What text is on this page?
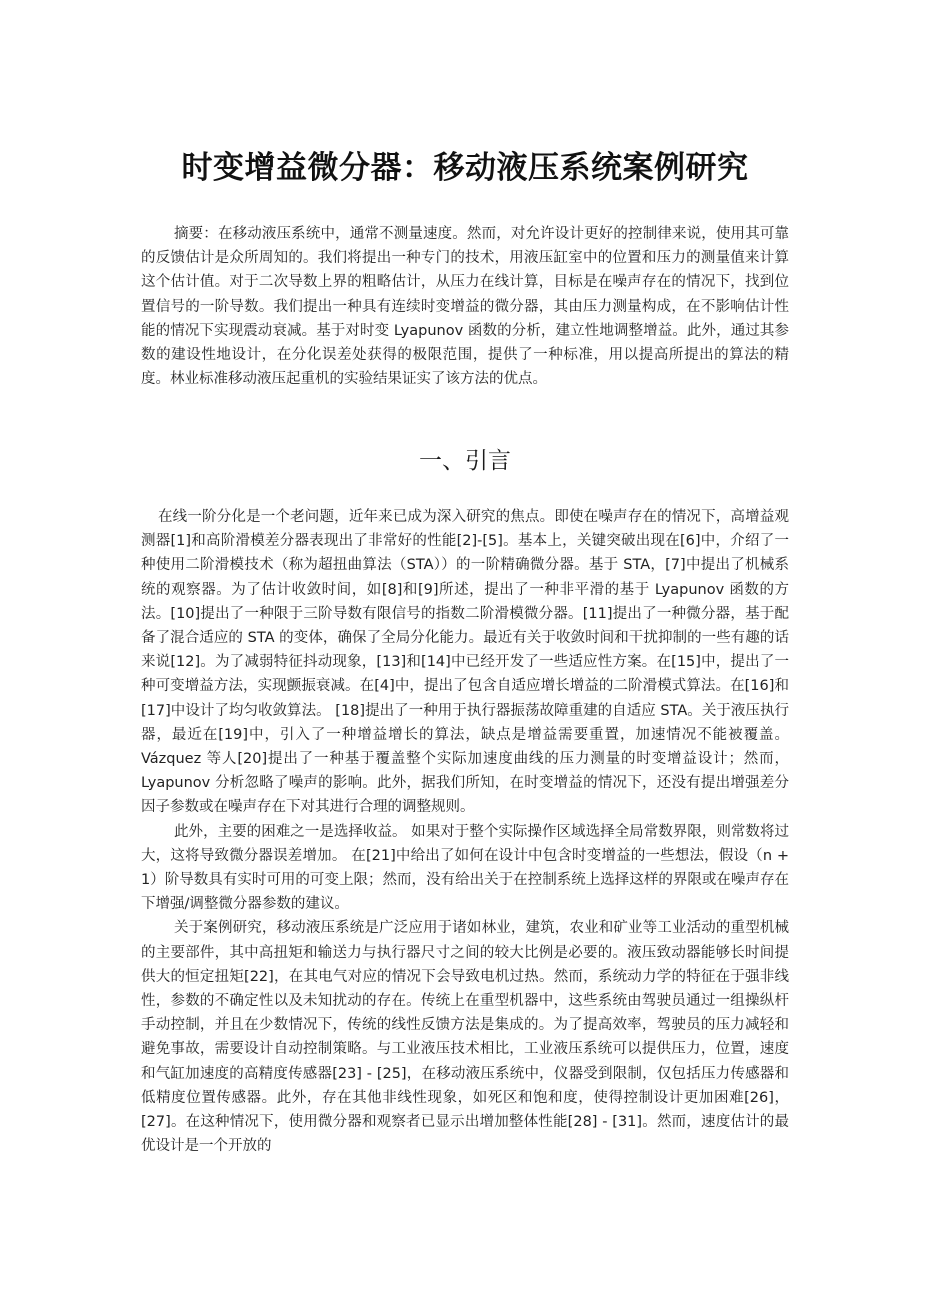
时变增益微分器：移动液压系统案例研究

摘要：在移动液压系统中，通常不测量速度。然而，对允许设计更好的控制律来说，使用其可靠的反馈估计是众所周知的。我们将提出一种专门的技术，用液压缸室中的位置和压力的测量值来计算这个估计值。对于二次导数上界的粗略估计，从压力在线计算，目标是在噪声存在的情况下，找到位置信号的一阶导数。我们提出一种具有连续时变增益的微分器，其由压力测量构成，在不影响估计性能的情况下实现震动衰减。基于对时变 Lyapunov 函数的分析，建立性地调整增益。此外，通过其参数的建设性地设计，在分化误差处获得的极限范围，提供了一种标准，用以提高所提出的算法的精度。林业标准移动液压起重机的实验结果证实了该方法的优点。

一、引言

在线一阶分化是一个老问题，近年来已成为深入研究的焦点。即使在噪声存在的情况下，高增益观测器[1]和高阶滑模差分器表现出了非常好的性能[2]-[5]。基本上，关键突破出现在[6]中，介绍了一种使用二阶滑模技术（称为超扭曲算法（STA））的一阶精确微分器。基于 STA，[7]中提出了机械系统的观察器。为了估计收敛时间，如[8]和[9]所述，提出了一种非平滑的基于 Lyapunov 函数的方法。[10]提出了一种限于三阶导数有限信号的指数二阶滑模微分器。[11]提出了一种微分器，基于配备了混合适应的 STA 的变体，确保了全局分化能力。最近有关于收敛时间和干扰抑制的一些有趣的话来说[12]。为了减弱特征抖动现象，[13]和[14]中已经开发了一些适应性方案。在[15]中，提出了一种可变增益方法，实现颤振衰减。在[4]中，提出了包含自适应增长增益的二阶滑模式算法。在[16]和[17]中设计了均匀收敛算法。 [18]提出了一种用于执行器振荡故障重建的自适应 STA。关于液压执行器，最近在[19]中，引入了一种增益增长的算法，缺点是增益需要重置，加速情况不能被覆盖。Vázquez 等人[20]提出了一种基于覆盖整个实际加速度曲线的压力测量的时变增益设计；然而，Lyapunov 分析忽略了噪声的影响。此外，据我们所知，在时变增益的情况下，还没有提出增强差分因子参数或在噪声存在下对其进行合理的调整规则。

此外，主要的困难之一是选择收益。 如果对于整个实际操作区域选择全局常数界限，则常数将过大，这将导致微分器误差增加。 在[21]中给出了如何在设计中包含时变增益的一些想法，假设（n + 1）阶导数具有实时可用的可变上限；然而，没有给出关于在控制系统上选择这样的界限或在噪声存在下增强/调整微分器参数的建议。

关于案例研究，移动液压系统是广泛应用于诸如林业，建筑，农业和矿业等工业活动的重型机械的主要部件，其中高扭矩和输送力与执行器尺寸之间的较大比例是必要的。液压致动器能够长时间提供大的恒定扭矩[22]，在其电气对应的情况下会导致电机过热。然而，系统动力学的特征在于强非线性，参数的不确定性以及未知扰动的存在。传统上在重型机器中，这些系统由驾驶员通过一组操纵杆手动控制，并且在少数情况下，传统的线性反馈方法是集成的。为了提高效率，驾驶员的压力减轻和避免事故，需要设计自动控制策略。与工业液压技术相比，工业液压系统可以提供压力，位置，速度和气缸加速度的高精度传感器[23] - [25]，在移动液压系统中，仪器受到限制，仅包括压力传感器和低精度位置传感器。此外，存在其他非线性现象，如死区和饱和度，使得控制设计更加困难[26]，[27]。在这种情况下，使用微分器和观察者已显示出增加整体性能[28] - [31]。然而，速度估计的最优设计是一个开放的
